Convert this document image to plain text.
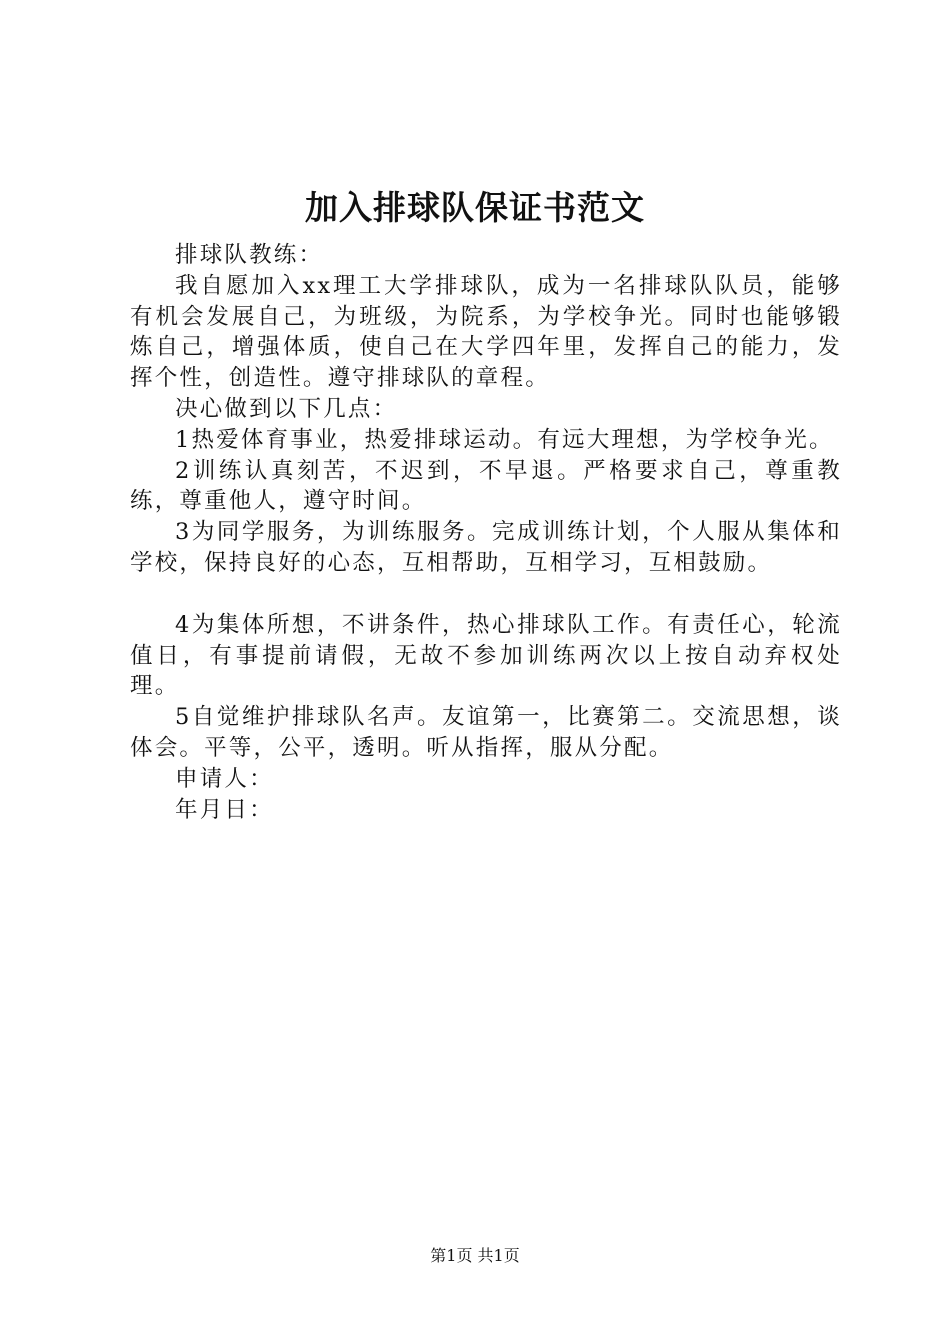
加入排球队保证书范文

排球队教练：

我自愿加入xx理工大学排球队，成为一名排球队队员，能够有机会发展自己，为班级，为院系，为学校争光。同时也能够锻炼自己，增强体质，使自己在大学四年里，发挥自己的能力，发挥个性，创造性。遵守排球队的章程。

决心做到以下几点：

1热爱体育事业，热爱排球运动。有远大理想，为学校争光。

2训练认真刻苦，不迟到，不早退。严格要求自己，尊重教练，尊重他人，遵守时间。

3为同学服务，为训练服务。完成训练计划，个人服从集体和学校，保持良好的心态，互相帮助，互相学习，互相鼓励。

4为集体所想，不讲条件，热心排球队工作。有责任心，轮流值日，有事提前请假，无故不参加训练两次以上按自动弃权处理。

5自觉维护排球队名声。友谊第一，比赛第二。交流思想，谈体会。平等，公平，透明。听从指挥，服从分配。

申请人：

年月日：

第1页 共1页
